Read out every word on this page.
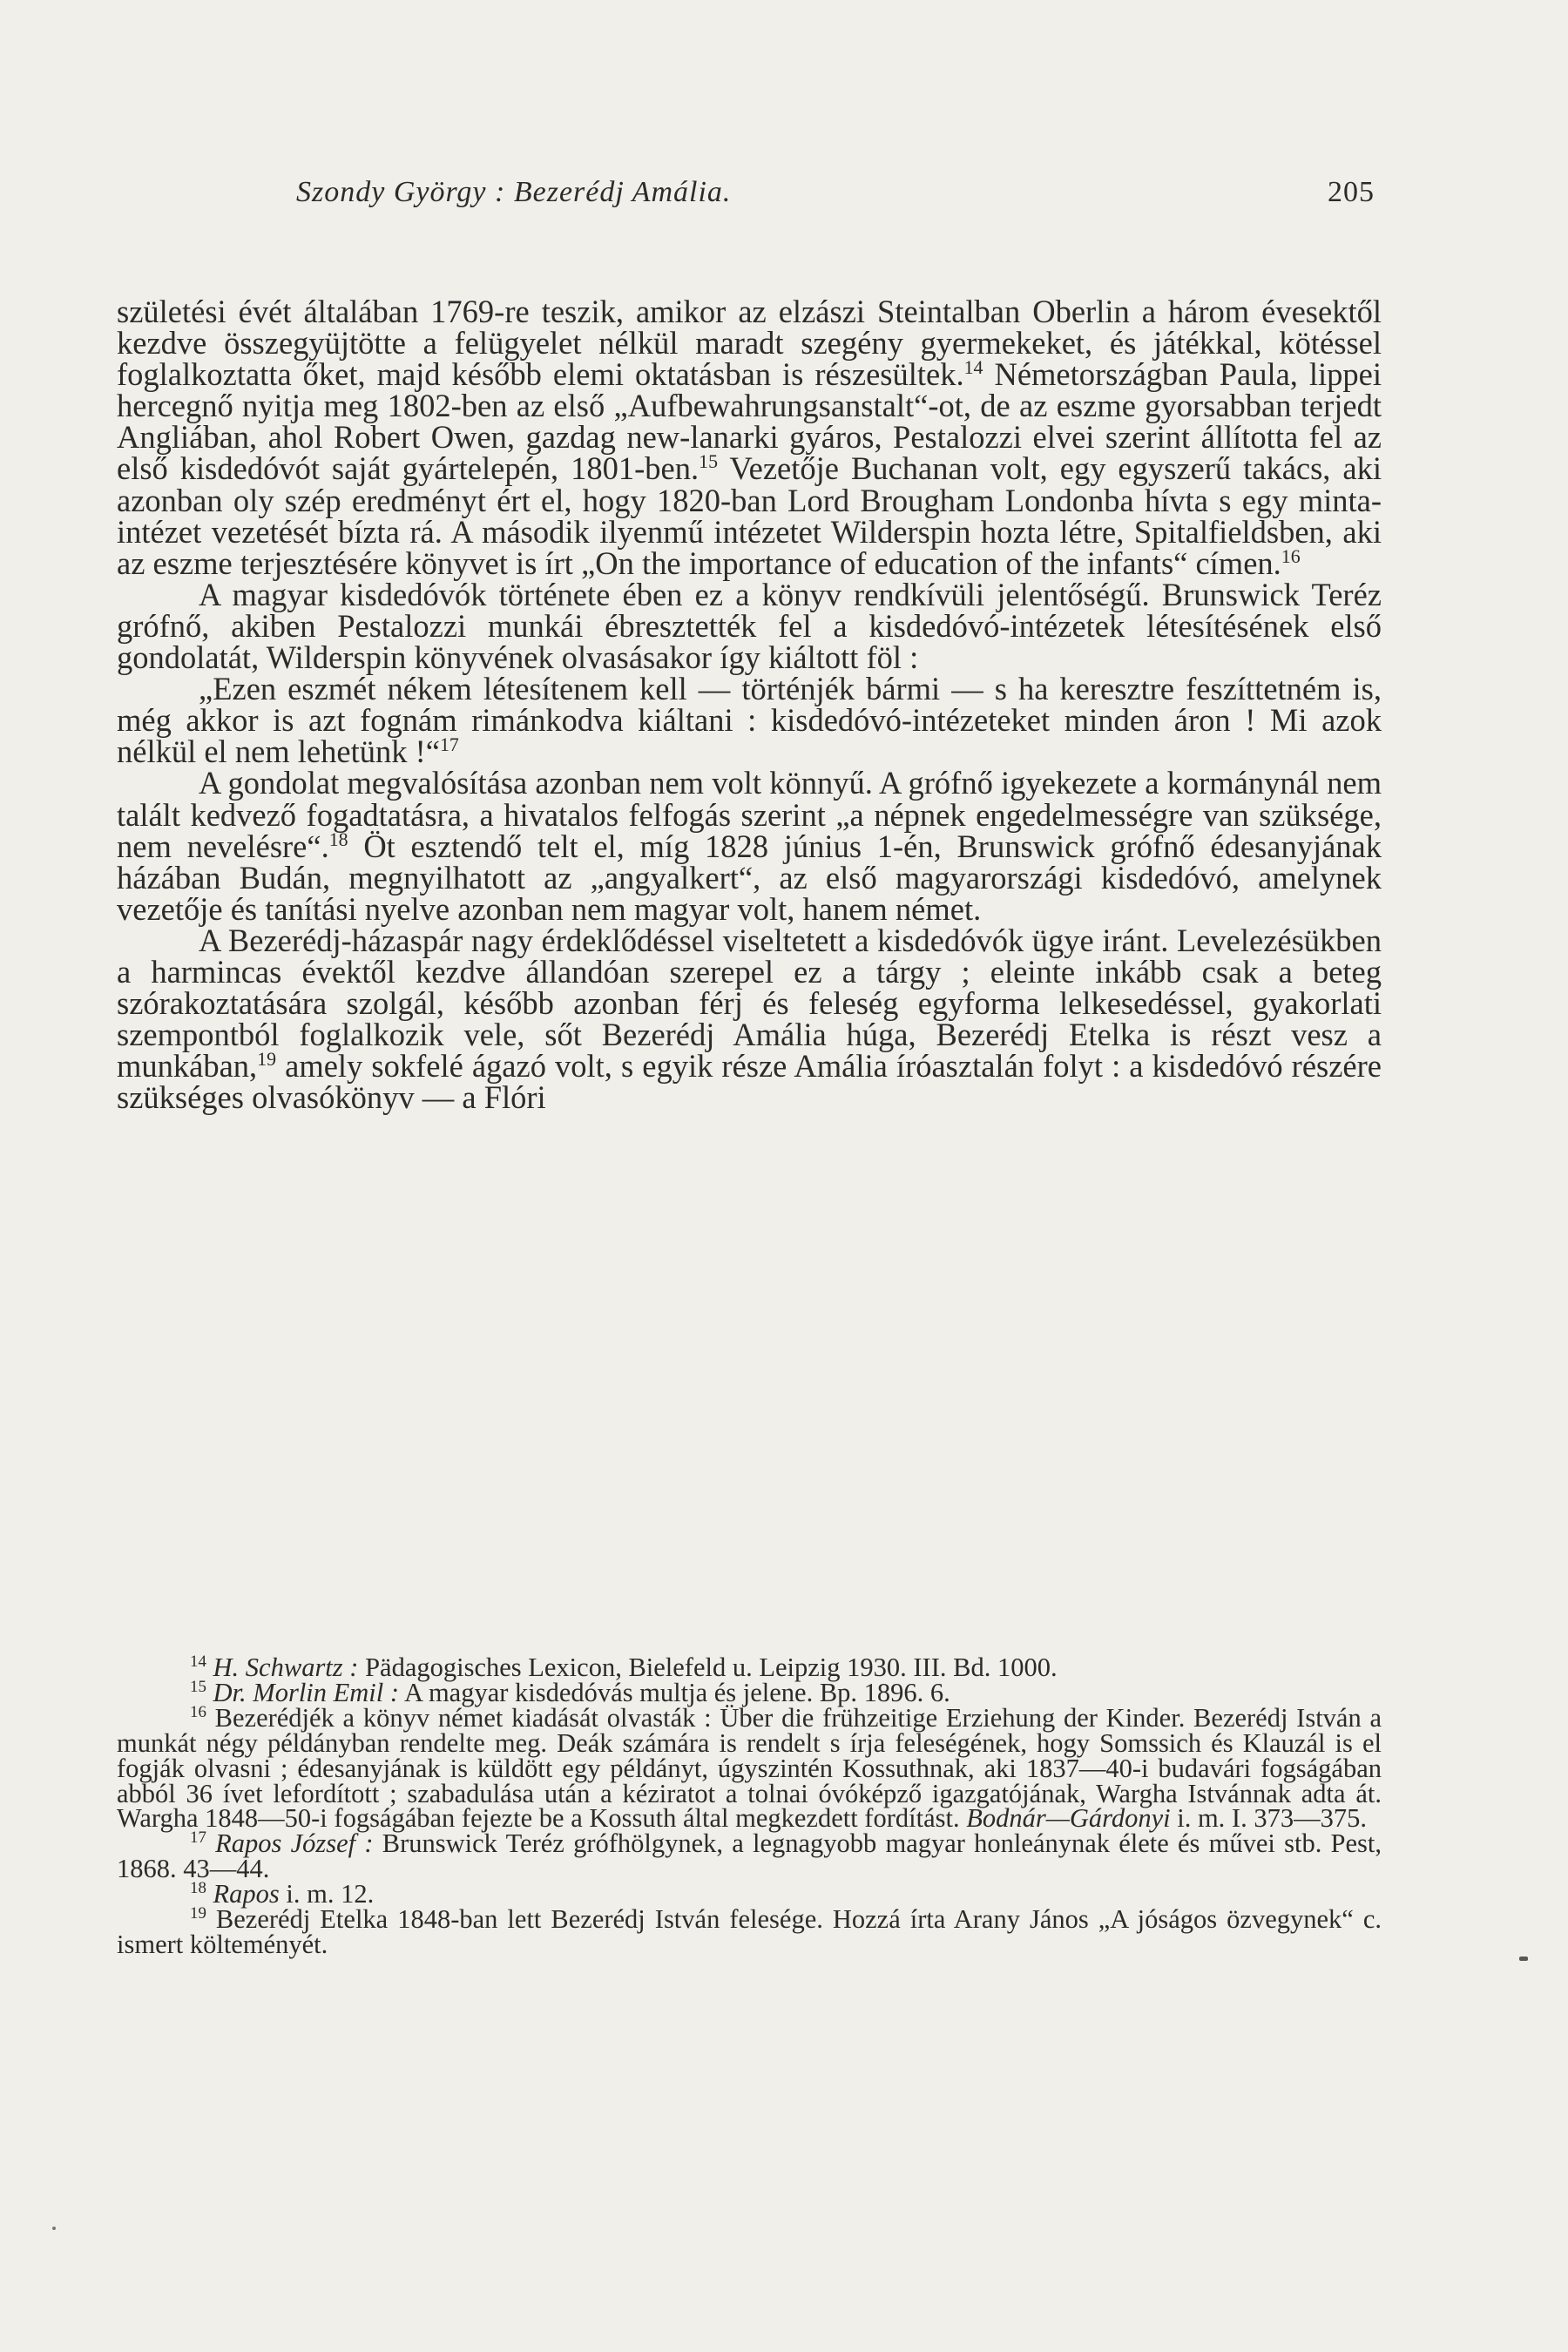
Szondy György : Bezerédj Amália.	205

születési évét általában 1769-re teszik, amikor az elzászi Steintalban Oberlin a három évesektől kezdve összegyüjtötte a felügyelet nélkül maradt szegény gyermekeket, és játékkal, kötéssel foglalkoztatta őket, majd később elemi oktatásban is részesültek.$^{14}$ Németországban Paula, lippei hercegnő nyitja meg 1802-ben az első „Aufbewahrungsanstalt“-ot, de az eszme gyorsabban terjedt Angliában, ahol Robert Owen, gazdag new-lanarki gyáros, Pestalozzi elvei szerint állította fel az első kisdedóvót saját gyártelepén, 1801-ben.$^{15}$ Vezetője Buchanan volt, egy egyszerű takács, aki azonban oly szép eredményt ért el, hogy 1820-ban Lord Brougham Londonba hívta s egy minta-intézet vezetését bízta rá. A második ilyenmű intézetet Wilderspin hozta létre, Spitalfieldsben, aki az eszme terjesztésére könyvet is írt „On the importance of education of the infants“ címen.$^{16}$

A magyar kisdedóvók története ében ez a könyv rendkívüli jelentőségű. Brunswick Teréz grófnő, akiben Pestalozzi munkái ébresztették fel a kisdedóvó-intézetek létesítésének első gondolatát, Wilderspin könyvének olvasásakor így kiáltott föl :

„Ezen eszmét nékem létesítenem kell — történjék bármi — s ha keresztre feszíttetném is, még akkor is azt fognám rimánkodva kiáltani : kisdedóvó-intézeteket minden áron ! Mi azok nélkül el nem lehetünk !“$^{17}$

A gondolat megvalósítása azonban nem volt könnyű. A grófnő igyekezete a kormánynál nem talált kedvező fogadtatásra, a hivatalos felfogás szerint „a népnek engedelmességre van szüksége, nem nevelésre“.$^{18}$ Öt esztendő telt el, míg 1828 június 1-én, Brunswick grófnő édesanyjának házában Budán, megnyilhatott az „angyalkert“, az első magyarországi kisdedóvó, amelynek vezetője és tanítási nyelve azonban nem magyar volt, hanem német.

A Bezerédj-házaspár nagy érdeklődéssel viseltetett a kisdedóvók ügye iránt. Levelezésükben a harmincas évektől kezdve állandóan szerepel ez a tárgy ; eleinte inkább csak a beteg szórakoztatására szolgál, később azonban férj és feleség egyforma lelkesedéssel, gyakorlati szempontból foglalkozik vele, sőt Bezerédj Amália húga, Bezerédj Etelka is részt vesz a munkában,$^{19}$ amely sokfelé ágazó volt, s egyik része Amália íróasztalán folyt : a kisdedóvó részére szükséges olvasókönyv — a Flóri

$^{14}$ H. Schwartz : Pädagogisches Lexicon, Bielefeld u. Leipzig 1930. III. Bd. 1000.

$^{15}$ Dr. Morlin Emil : A magyar kisdedóvás multja és jelene. Bp. 1896. 6.

$^{16}$ Bezerédjék a könyv német kiadását olvasták : Über die frühzeitige Erziehung der Kinder. Bezerédj István a munkát négy példányban rendelte meg. Deák számára is rendelt s írja feleségének, hogy Somssich és Klauzál is el fogják olvasni ; édesanyjának is küldött egy példányt, úgyszintén Kossuthnak, aki 1837—40-i budavári fogságában abból 36 ívet lefordított ; szabadulása után a kéziratot a tolnai óvóképző igazgatójának, Wargha Istvánnak adta át. Wargha 1848—50-i fogságában fejezte be a Kossuth által megkezdett fordítást. Bodnár—Gárdonyi i. m. I. 373—375.

$^{17}$ Rapos József : Brunswick Teréz grófhölgynek, a legnagyobb magyar honleánynak élete és művei stb. Pest, 1868. 43—44.

$^{18}$ Rapos i. m. 12.

$^{19}$ Bezerédj Etelka 1848-ban lett Bezerédj István felesége. Hozzá írta Arany János „A jóságos özvegynek“ c. ismert költeményét.
